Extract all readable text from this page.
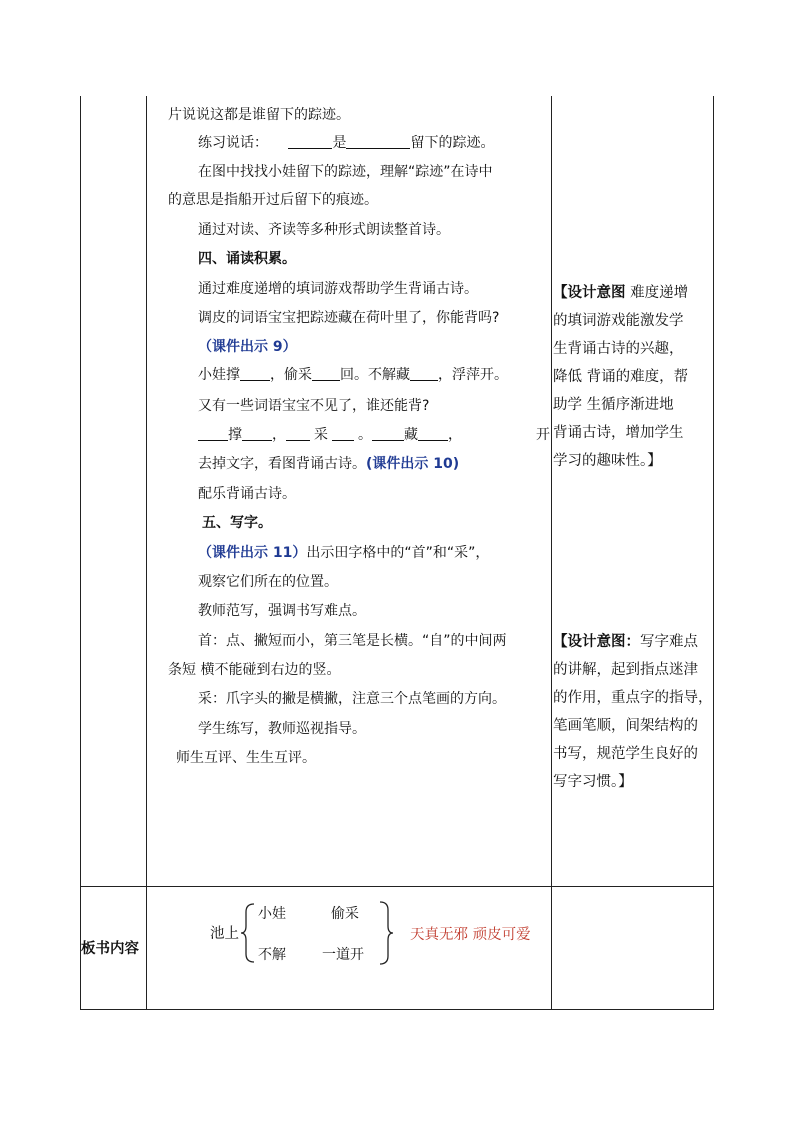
片说说这都是谁留下的踪迹。
练习说话：	是	留下的踪迹。
在图中找找小娃留下的踪迹，理解“踪迹”在诗中
的意思是指船开过后留下的痕迹。
通过对读、齐读等多种形式朗读整首诗。
四、诵读积累。
通过难度递增的填词游戏帮助学生背诵古诗。
调皮的词语宝宝把踪迹藏在荷叶里了，你能背吗?
（课件出示 9）
小娃撑 ，偷采 回。不解藏 ，浮萍开。
又有一些词语宝宝不见了，谁还能背?
撑 ， 采 。 藏 ，	开
去掉文字，看图背诵古诗。(课件出示 10)
配乐背诵古诗。
五、写字。
（课件出示 11）出示田字格中的“首”和“采”，
观察它们所在的位置。
教师范写，强调书写难点。
首：点、撇短而小，第三笔是长横。“自”的中间两
条短 横不能碰到右边的竖。
采：爪字头的撇是横撇，注意三个点笔画的方向。
学生练写，教师巡视指导。
师生互评、生生互评。
【设计意图 难度递增
的填词游戏能激发学
生背诵古诗的兴趣，
降低 背诵的难度，帮
助学 生循序渐进地
背诵古诗，增加学生
学习的趣味性。】
【设计意图：写字难点
的讲解，起到指点迷津
的作用，重点字的指导，
笔画笔顺，间架结构的
书写，规范学生良好的
写字习惯。】
板书内容
池上
小娃	偷采
不解	一道开
天真无邪 顽皮可爱
